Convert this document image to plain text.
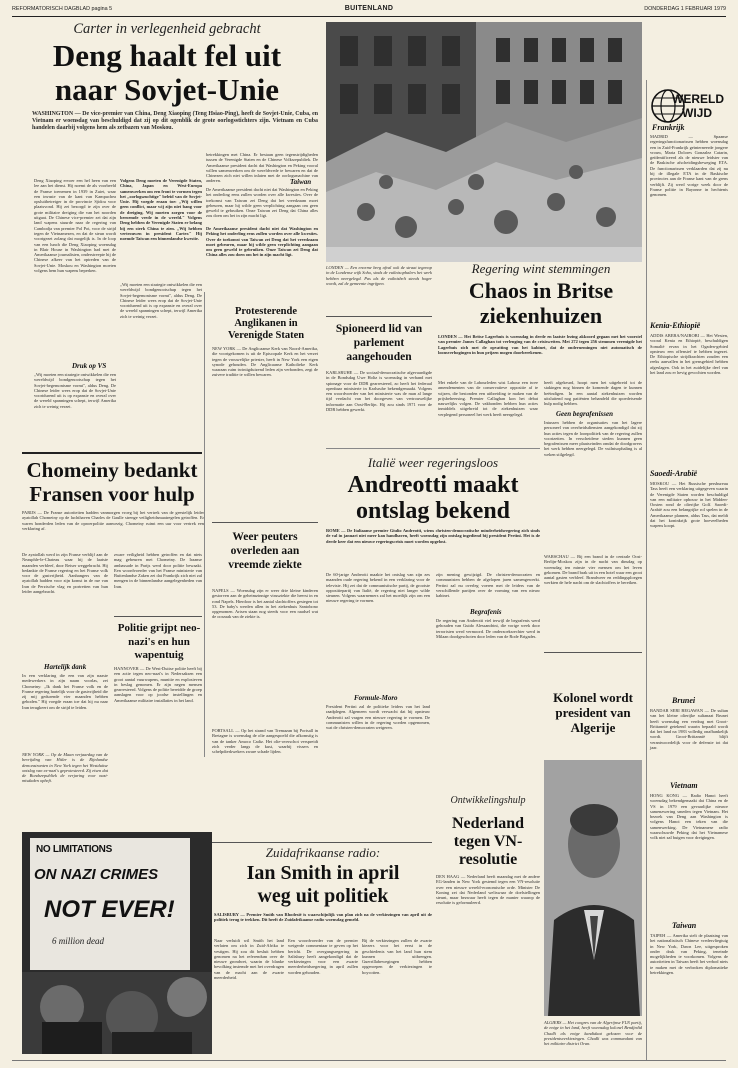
REFORMATORISCH DAGBLAD pagina 5	BUITENLAND	DONDERDAG 1 FEBRUARI 1979
Carter in verlegenheid gebracht
Deng haalt fel uit
naar Sovjet-Unie
WASHINGTON — De vice-premier van China, Deng Xiaoping (Teng Hsiao-Ping), heeft de Sovjet-Unie, Cuba, en Vietnam er woensdag van beschuldigd dat zij op dit ogenblik de grote oorlogsstichters zijn. Vietnam en Cuba handelen daarbij volgens hem als zetbazen van Moskou.
Deng Xiaoping ervoer een hel heen van een lee aan het dienst. Hij noemt de als voorbeeld de Franse toenemen in 1939 in Zuiet, waar een invaste van de kant van Kampuchea opsluitbetreiger in de provincie Sjidou voor plaatsvond. Hij zei bezorgd te zijn over de grote militaire dreiging die van het noorden uitgaat. De Chinese vice-premier zei dat zijn land wapens stuurde naar de regering van Cambodja van premier Pol Pot, voor de strijd tegen de Vietnamezen, en dat de steun wordt voortgezet zolang dat mogelijk is. In de loop van een lunch die Deng Xiaoping woensdag in Blair House in Washington had met de Amerikaanse journalisten, onderstreepte hij de Chinese afkeer van het optreden van de Sovjet-Unie. Moskou en Washington moeten volgens hem hun wapens beperken.
Volgens Deng moeten de Verenigde Staten, China, Japan en West-Europa samenwerken om een front te vormen tegen het „oorlogszuchtige" beleid van de Sovjet-Unie. Hij voegde eraan toe: „Wij willen geen conflict, maar wij zijn niet bang voor de dreiging. Wij moeten zorgen voor de beroemde vrede in de wereld." Volgens Deng hebben de Verenigde Staten er belang bij een sterk China te zien. „Wij hebben vertrouwen in president Carter." Hij noemde Taiwan een binnenlandse kwestie.
„Wij moeten een strategie ontwikkelen die een wereldwijd bondgenootschap tegen het Sovjet-hegemonisme vormt", aldus Deng. De Chinese leider wees erop dat de Sovjet-Unie voortdurend uit is op expansie en overal over de wereld spanningen schept, terwijl Amerika zich te weinig verzet.
betrekkingen met China. Er bestaan geen tegenstrijdigheden tussen de Verenigde Staten en de Chinese Volksrepubliek. De Amerikaanse president dacht dat Washington en Peking vooral willen samenwerken om de wereldvrede te bewaren en dat de Chinezen zich niet willen inlaten met de oorlogsmachine van anderen.	Taiwan
De Amerikaanse president dacht niet dat Washington en Peking het onderling eens zullen worden over alle kwesties. Over de toekomst van Taiwan zei Deng dat het vreedzaam moet gebeuren, maar hij wilde geen verplichting aangaan om geen geweld te gebruiken. Onze Taiwan zei Deng dat China alles zou doen om het in zijn macht ligt.
De Amerikaanse president dacht niet dat Washington en Peking het onderling eens zullen worden over alle kwesties. Over de toekomst van Taiwan zei Deng dat het vreedzaam moet gebeuren, maar hij wilde geen verplichting aangaan om geen geweld te gebruiken. Onze Taiwan zei Deng dat China alles zou doen om het in zijn macht ligt.
Druk op VS
„Wij moeten een strategie ontwikkelen die een wereldwijd bondgenootschap tegen het Sovjet-hegemonisme vormt", aldus Deng. De Chinese leider wees erop dat de Sovjet-Unie voortdurend uit is op expansie en overal over de wereld spanningen schept, terwijl Amerika zich te weinig verzet.
Protesterende Anglikanen in Verenigde Staten
NEW YORK — De Anglicaanse Kerk van Noord-Amerika, die voortgekomen is uit de Episcopale Kerk en het verzet tegen de vrouwelijke priester, heeft in New York een eigen synode gehouden. De Anglicaanse Katholieke Kerk waaraan ruim twintigduizend leden zijn verbonden, zegt de zuivere traditie te willen bewaren.
Chomeiny bedankt
Fransen voor hulp
PARIJS — De Franse autoriteiten hadden vanmorgen vroeg bij het vertrek van de geestelijk leider ayatollah Chomeiny op de luchthaven Charles de Gaulle strenge veiligheidsmaatregelen getroffen. Er waren honderden leden van de oproerpolitie aanwezig. Chomeiny ruimt een uur voor vertrek een verklaring af.
De ayatollah werd in zijn Franse verblijf aan de Neauphle-le-Chateau waar hij de laatste maanden verbleef, door Reiser weggebracht. Hij bedankte de Franse regering en het Franse volk voor de gastvrijheid. Aanhangers van de ayatollah hadden voor zijn komst in de rue van Iran de Perzische vlag en portretten van hun leider aangebracht.
zware veiligheid hebben getroffen en dat niets mag gebeuren met Chomeiny. De Iraanse ambassade in Parijs werd door politie bewaakt. Een woordvoerder van het Franse ministerie van Buitenlandse Zaken zei dat Frankrijk zich niet zal mengen in de binnenlandse aangelegenheden van Iran.
Hartelijk dank
In een verklaring die een van zijn naaste medewerkers in zijn naam voorlas, zei Chomeiny: „Ik dank het Franse volk en de Franse regering hartelijk voor de gastvrijheid die zij mij gedurende vier maanden hebben geboden." Hij voegde eraan toe dat hij nu naar Iran terugkeert om de strijd te leiden.
NEW YORK — Op de Maan verjaardag van de bevrijding van Hitler is de Rijnlandse demonstranten in New York tegen het Westduitse ontslag van ex-nazi's geprotesteerd. Zij eisen dat de Bondsrepubliek de verjaring voor nazi-misdaden opheft.
Weer peuters overleden aan vreemde ziekte
NAPELS — Woensdag zijn er weer drie kleine kinderen gestorven aan de geheimzinnige virusziekte die heerst in en rond Napels. Hierdoor is het aantal slachtoffers gestegen tot 53. De baby's werden allen in het ziekenhuis Santobono opgenomen. Artsen staan nog steeds voor een raadsel wat de oorzaak van de ziekte is.
Politie grijpt neo-nazi's en hun wapentuig
HANNOVER — De West-Duitse politie heeft bij een actie tegen neo-nazi's in Nedersaksen een groot aantal vuurwapens, munitie en explosieven in beslag genomen. Er zijn negen mensen gearresteerd. Volgens de politie bereidde de groep aanslagen voor op joodse instellingen en Amerikaanse militaire installaties in het land.
PORTSALL — Op het strand van Tremazan bij Portsall in Bretagne is woensdag de olie aangespoeld die afkomstig is van de tanker Amoco Cadiz. Het olie-overschot verspreidt zich verder langs de kust, waarbij vissers en schelpdierkwekers zware schade lijden.
NO LIMITATIONS
ON NAZI CRIMES
NOT EVER!
6 million dead
WERELD
WIJD
Frankrijk
MADRID — Spaanse regeringsfunctionarissen hebben woensdag een in Zuid-Frankrijk geïnterneerde jongere vrouw, Maria Dolores Gonzalez Catarin, geïdentificeerd als de nieuwe leidster van de Baskische afscheidingsbeweging ETA. De functionarissen verklaarden dat zij nu bij de illegale ETA in de Baskische provincies aan de Franse kant van de grens verblijft. Zij werd vorige week door de Franse politie in Bayonne in hechtenis genomen.
Kenia-Ethiopië
ADDIS ABEBA/NAIROBI — Het Westen, vooral Kenia en Ethiopië, beschuldigen Somalië ervan in het Ogaden-gebied opnieuw een offensief te hebben ingezet. De Ethiopische strijdkrachten zouden een reeks aanvallen in het grensgebied hebben afgeslagen. Ook in het zuidelijke deel van het land zou er hevig gevochten worden.
Saoedi-Arabië
MOSKOU — Het Russische persbureau Tass heeft een verklaring uitgegeven waarin de Verenigde Staten worden beschuldigd van een militaire opbouw in het Midden-Oosten rond de olierijke Golf. Saoedi-Arabië zou een belangrijke rol spelen in de Amerikaanse plannen, aldus Tass, dat meldt dat het koninkrijk grote hoeveelheden wapens koopt.
Brunei
BANDAR SERI BEGAWAN — De sultan van het kleine olierijke sultanaat Brunei heeft woensdag een verdrag met Groot-Brittannië getekend waarin bepaald wordt dat het land na 1983 volledig onafhankelijk wordt. Groot-Brittannië blijft verantwoordelijk voor de defensie tot dat jaar.
Vietnam
HONG KONG — Radio Hanoi heeft woensdag bekendgemaakt dat China en de VS in 1979 een gevaarlijke nieuwe samenzwering smeden tegen Vietnam. Het bezoek van Deng aan Washington is volgens Hanoi een teken van die samenwerking. De Vietnamese radio waarschuwde Peking dat het Vietnamese volk niet zal buigen voor dreigingen.
Taiwan
TAIPEH — Amerika stelt de plaatsing van het nationalistisch Chinese vredesvliegtuig in New York, Dawn Lee, uitgesproken onder druk van Peking, teneinde mogelijkheden te voorkomen. Volgens de autoriteiten in Taiwan heeft het verbod niets te maken met de verbroken diplomatieke betrekkingen.
LONDEN — Een enorme berg afval ook de straat tegenop in de Londense wijk Soho, sinds de vuilnisophalers het werk hebben neergelegd. Pas als de vuilnisbelt steeds hoger wordt, zal de gemeente ingrijpen.
Spioneerd lid van parlement aangehouden
KARLSRUHE — De sociaal-democratische afgevaardigde in de Bondsdag Uwe Holtz is woensdag in verband met spionage voor de DDR gearresteerd, zo heeft het federaal openbaar ministerie in Karlsruhe bekendgemaakt. Volgens een woordvoerder van het ministerie was de man al lange tijd verdacht van het doorgeven van vertrouwelijke informatie aan Oost-Berlijn. Hij zou sinds 1971 voor de DDR hebben gewerkt.
Regering wint stemmingen
Chaos in Britse
ziekenhuizen
LONDEN — Het Britse Lagerhuis is woensdag in derde en laatste lezing akkoord gegaan met het voorstel van premier James Callaghan tot verlenging van de crisiswetten. Met 272 tegen 256 stemmen verenigde het Lagerhuis zich met de opvatting van het kabinet, dat de ondernemingen niet automatisch de loonsverhogingen in hun prijzen mogen doorberekenen.
Met enkele van de Labourleden wist Labour een twee amendementen van de conservatieve oppositie af te wijzen, die bestonden een uitbreiding te maken van de prijsbeheersing. Premier Callaghan kon het debat nauwelijks volgen. De vakbonden hebben hun acties inmiddels uitgebreid tot de ziekenhuizen waar verplegend personeel het werk heeft neergelegd.
heeft afgekeurd, hoopt men het uitgebreid tot de stakingen nog binnen de komende dagen te kunnen beëindigen. In een aantal ziekenhuizen worden uitsluitend nog patiënten behandeld die spoedeisende hulp nodig hebben.
Geen begrafenissen
Intussen hebben de organisaties van het lagere personeel van overheidsdiensten aangekondigd dat zij hun acties tegen de loonpolitiek van de regering zullen voortzetten. In verscheidene steden kunnen geen begrafenissen meer plaatsvinden omdat de doodgravers het werk hebben neergelegd. De vuilnisophaling is al weken stilgelegd.
Italië weer regeringsloos
Andreotti maakt
ontslag bekend
ROME — De Italiaanse premier Giulio Andreotti, wiens christen-democratische minderheidsregering zich sinds de val in januari niet meer kan handhaven, heeft woensdag zijn ontslag ingediend bij president Pertini. Het is de derde keer dat een nieuwe regeringscrisis moet worden opgelost.
De 60-jarige Andreotti maakte het ontslag van zijn zes maanden oude regering bekend in een verklaring voor de televisie. Hij zei dat de communistische partij, de grootste oppositiepartij van Italië, de regering niet langer wilde steunen. Volgens waarnemers zal het moeilijk zijn om een nieuwe regering te vormen.
zijn mening gewijzigd. De christen-democraten en communisten hebben de afgelopen jaren samengewerkt. Pertini zal nu overleg voeren met de leiders van de verschillende partijen over de vorming van een nieuw kabinet.
Begrafenis
De regering van Andreotti viel terwijl de begrafenis werd gehouden van Guido Alessandrini, die vorige week door terroristen werd vermoord. De onderzoeksrechter werd in Milaan doodgeschoten door leden van de Rode Brigades.
Formule-Moro
President Pertini zal de politieke leiders van het land raadplegen. Algemeen wordt verwacht dat hij opnieuw Andreotti zal vragen een nieuwe regering te vormen. De communisten willen in de regering worden opgenomen, wat de christen-democraten weigeren.
WARSCHAU — Bij een brand in de centrale Oost-Berlijn-Moskou zijn in de nacht van dinsdag op woensdag ten minste vier mensen om het leven gekomen. De brand brak uit in een hotel waar een groot aantal gasten verbleef. Brandweer en reddingsploegen werkten de hele nacht om de slachtoffers te bereiken.
Kolonel wordt president van Algerije
ALGIERS — Het congres van de Algerijnse FLN partij, de enige in het land, heeft woensdag kolonel Bendjedid Chadli als enige kandidaat gekozen voor de presidentsverkiezingen. Chadli was commandant van het militaire district Oran.
Ontwikkelingshulp
Nederland
tegen VN-
resolutie
DEN HAAG — Nederland heeft maandag met de andere EG-landen in New York gestemd tegen een VN-resolutie over een nieuwe wereld-economische orde. Minister De Koning zei dat Nederland weliswaar de doelstellingen steunt, maar bezwaar heeft tegen de manier waarop de resolutie is geformuleerd.
Zuidafrikaanse radio:
Ian Smith in april
weg uit politiek
SALISBURY — Premier Smith van Rhodesië is waarschijnlijk van plan zich na de verkiezingen van april uit de politiek terug te trekken. Dit heeft de Zuidafrikaanse radio woensdag gemeld.
Naar verluidt wil Smith het land verlaten om zich in Zuid-Afrika te vestigen. Hij zou dit besluit hebben genomen na het referendum over de nieuwe grondwet, waarin de blanke bevolking instemde met het overdragen van de macht aan de zwarte meerderheid.
Een woordvoerder van de premier weigerde commentaar te geven op het bericht. De overgangsregering in Salisbury heeft aangekondigd dat de verkiezingen voor een zwarte meerderheidsregering in april zullen worden gehouden.
Bij de verkiezingen zullen de zwarte kiezers voor het eerst in de geschiedenis van het land hun stem kunnen uitbrengen. Guerrillabewegingen hebben opgeroepen de verkiezingen te boycotten.
